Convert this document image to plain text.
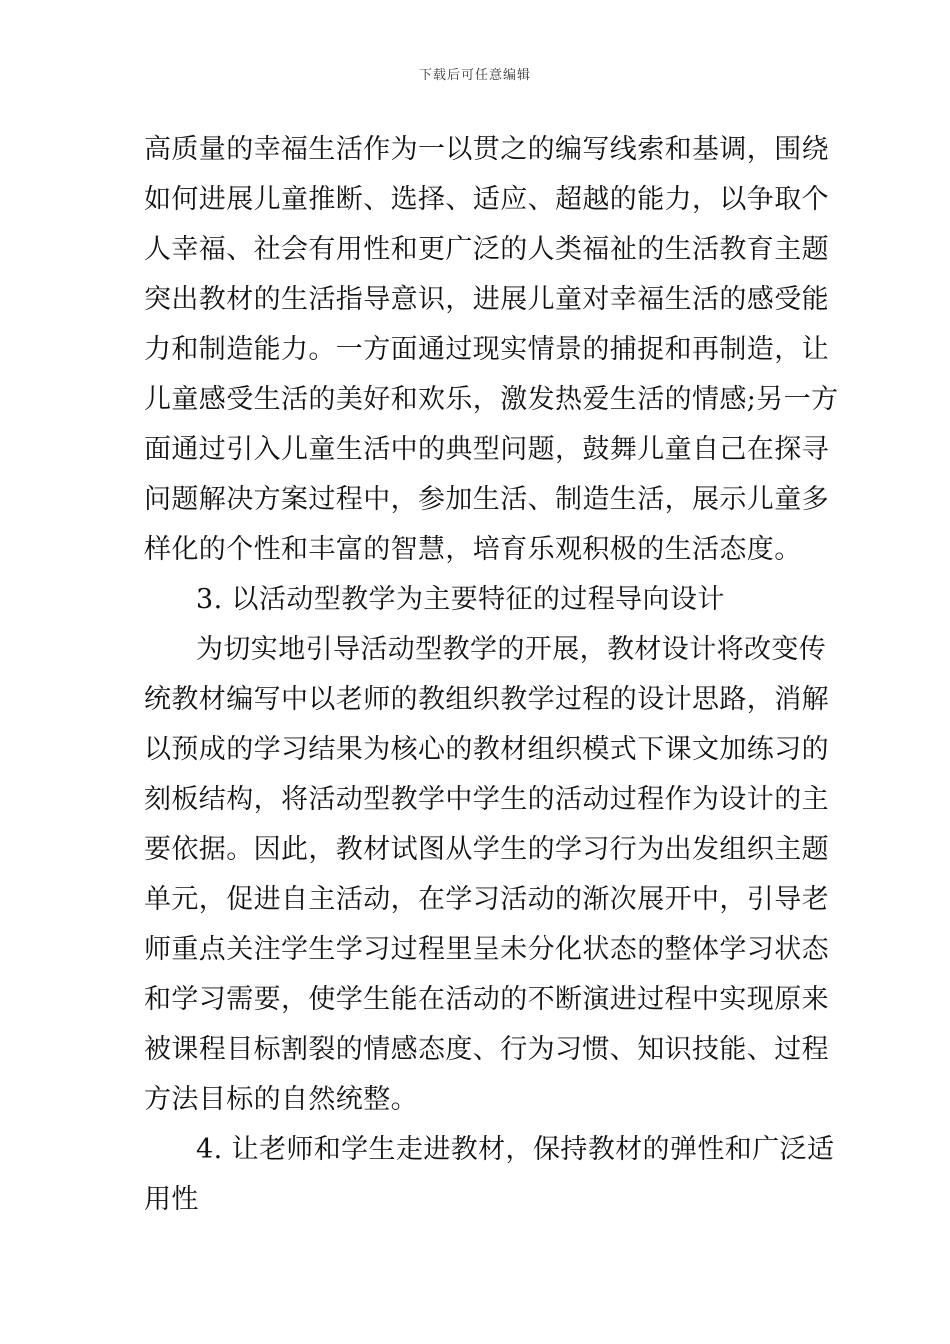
下载后可任意编辑
高质量的幸福生活作为一以贯之的编写线索和基调，围绕
如何进展儿童推断、选择、适应、超越的能力，以争取个
人幸福、社会有用性和更广泛的人类福祉的生活教育主题
突出教材的生活指导意识，进展儿童对幸福生活的感受能
力和制造能力。一方面通过现实情景的捕捉和再制造，让
儿童感受生活的美好和欢乐，激发热爱生活的情感;另一方
面通过引入儿童生活中的典型问题，鼓舞儿童自己在探寻
问题解决方案过程中，参加生活、制造生活，展示儿童多
样化的个性和丰富的智慧，培育乐观积极的生活态度。
3. 以活动型教学为主要特征的过程导向设计
为切实地引导活动型教学的开展，教材设计将改变传
统教材编写中以老师的教组织教学过程的设计思路，消解
以预成的学习结果为核心的教材组织模式下课文加练习的
刻板结构，将活动型教学中学生的活动过程作为设计的主
要依据。因此，教材试图从学生的学习行为出发组织主题
单元，促进自主活动，在学习活动的渐次展开中，引导老
师重点关注学生学习过程里呈未分化状态的整体学习状态
和学习需要，使学生能在活动的不断演进过程中实现原来
被课程目标割裂的情感态度、行为习惯、知识技能、过程
方法目标的自然统整。
4. 让老师和学生走进教材，保持教材的弹性和广泛适
用性
